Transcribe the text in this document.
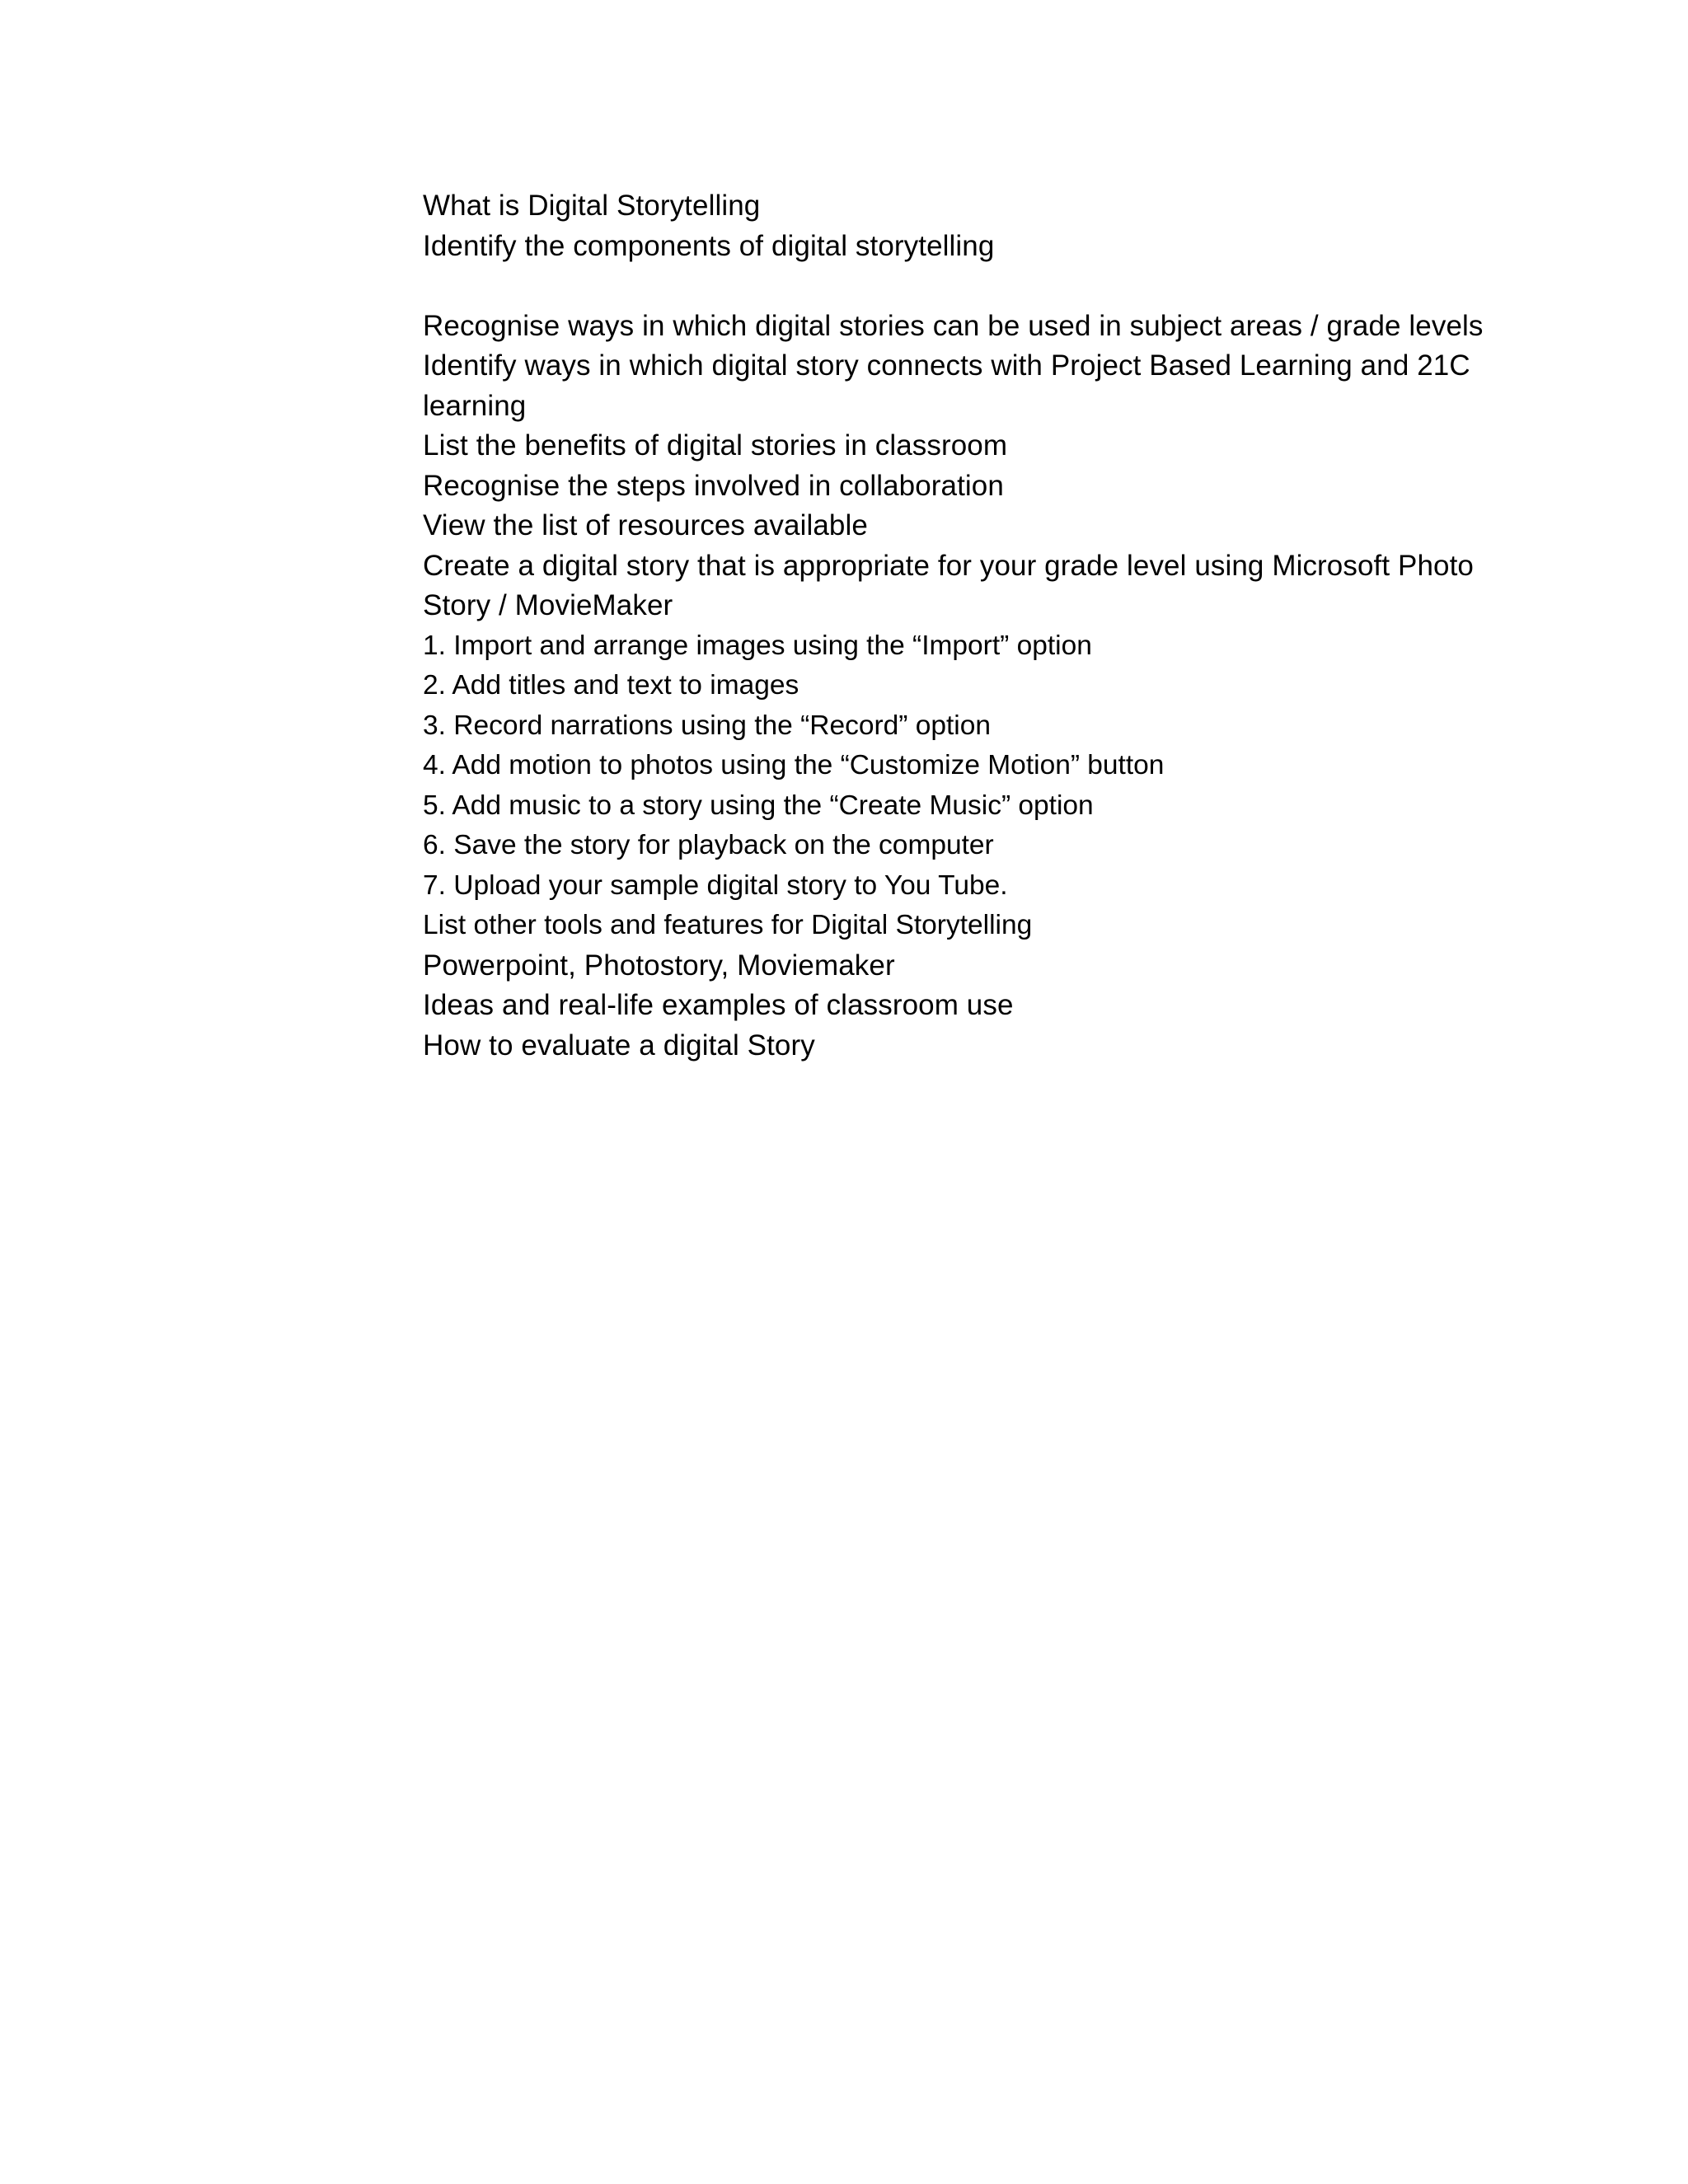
What is Digital Storytelling

Identify the components of digital storytelling

Recognise ways in which digital stories can be used in subject areas / grade levels

Identify ways in which digital story connects with Project Based Learning and 21C

learning

List the benefits of digital stories in classroom

Recognise the steps involved in collaboration

View the list of resources available

Create a digital story that is appropriate for your grade level using Microsoft Photo

Story / MovieMaker

1. Import and arrange images using the “Import” option

2. Add titles and text to images

3. Record narrations using the “Record” option

4. Add motion to photos using the “Customize Motion” button

5. Add music to a story using the “Create Music” option

6. Save the story for playback on the computer

7. Upload your sample digital story to You Tube.

List other tools and features for Digital Storytelling

Powerpoint, Photostory, Moviemaker

Ideas and real-life examples of classroom use

How to evaluate a digital Story
